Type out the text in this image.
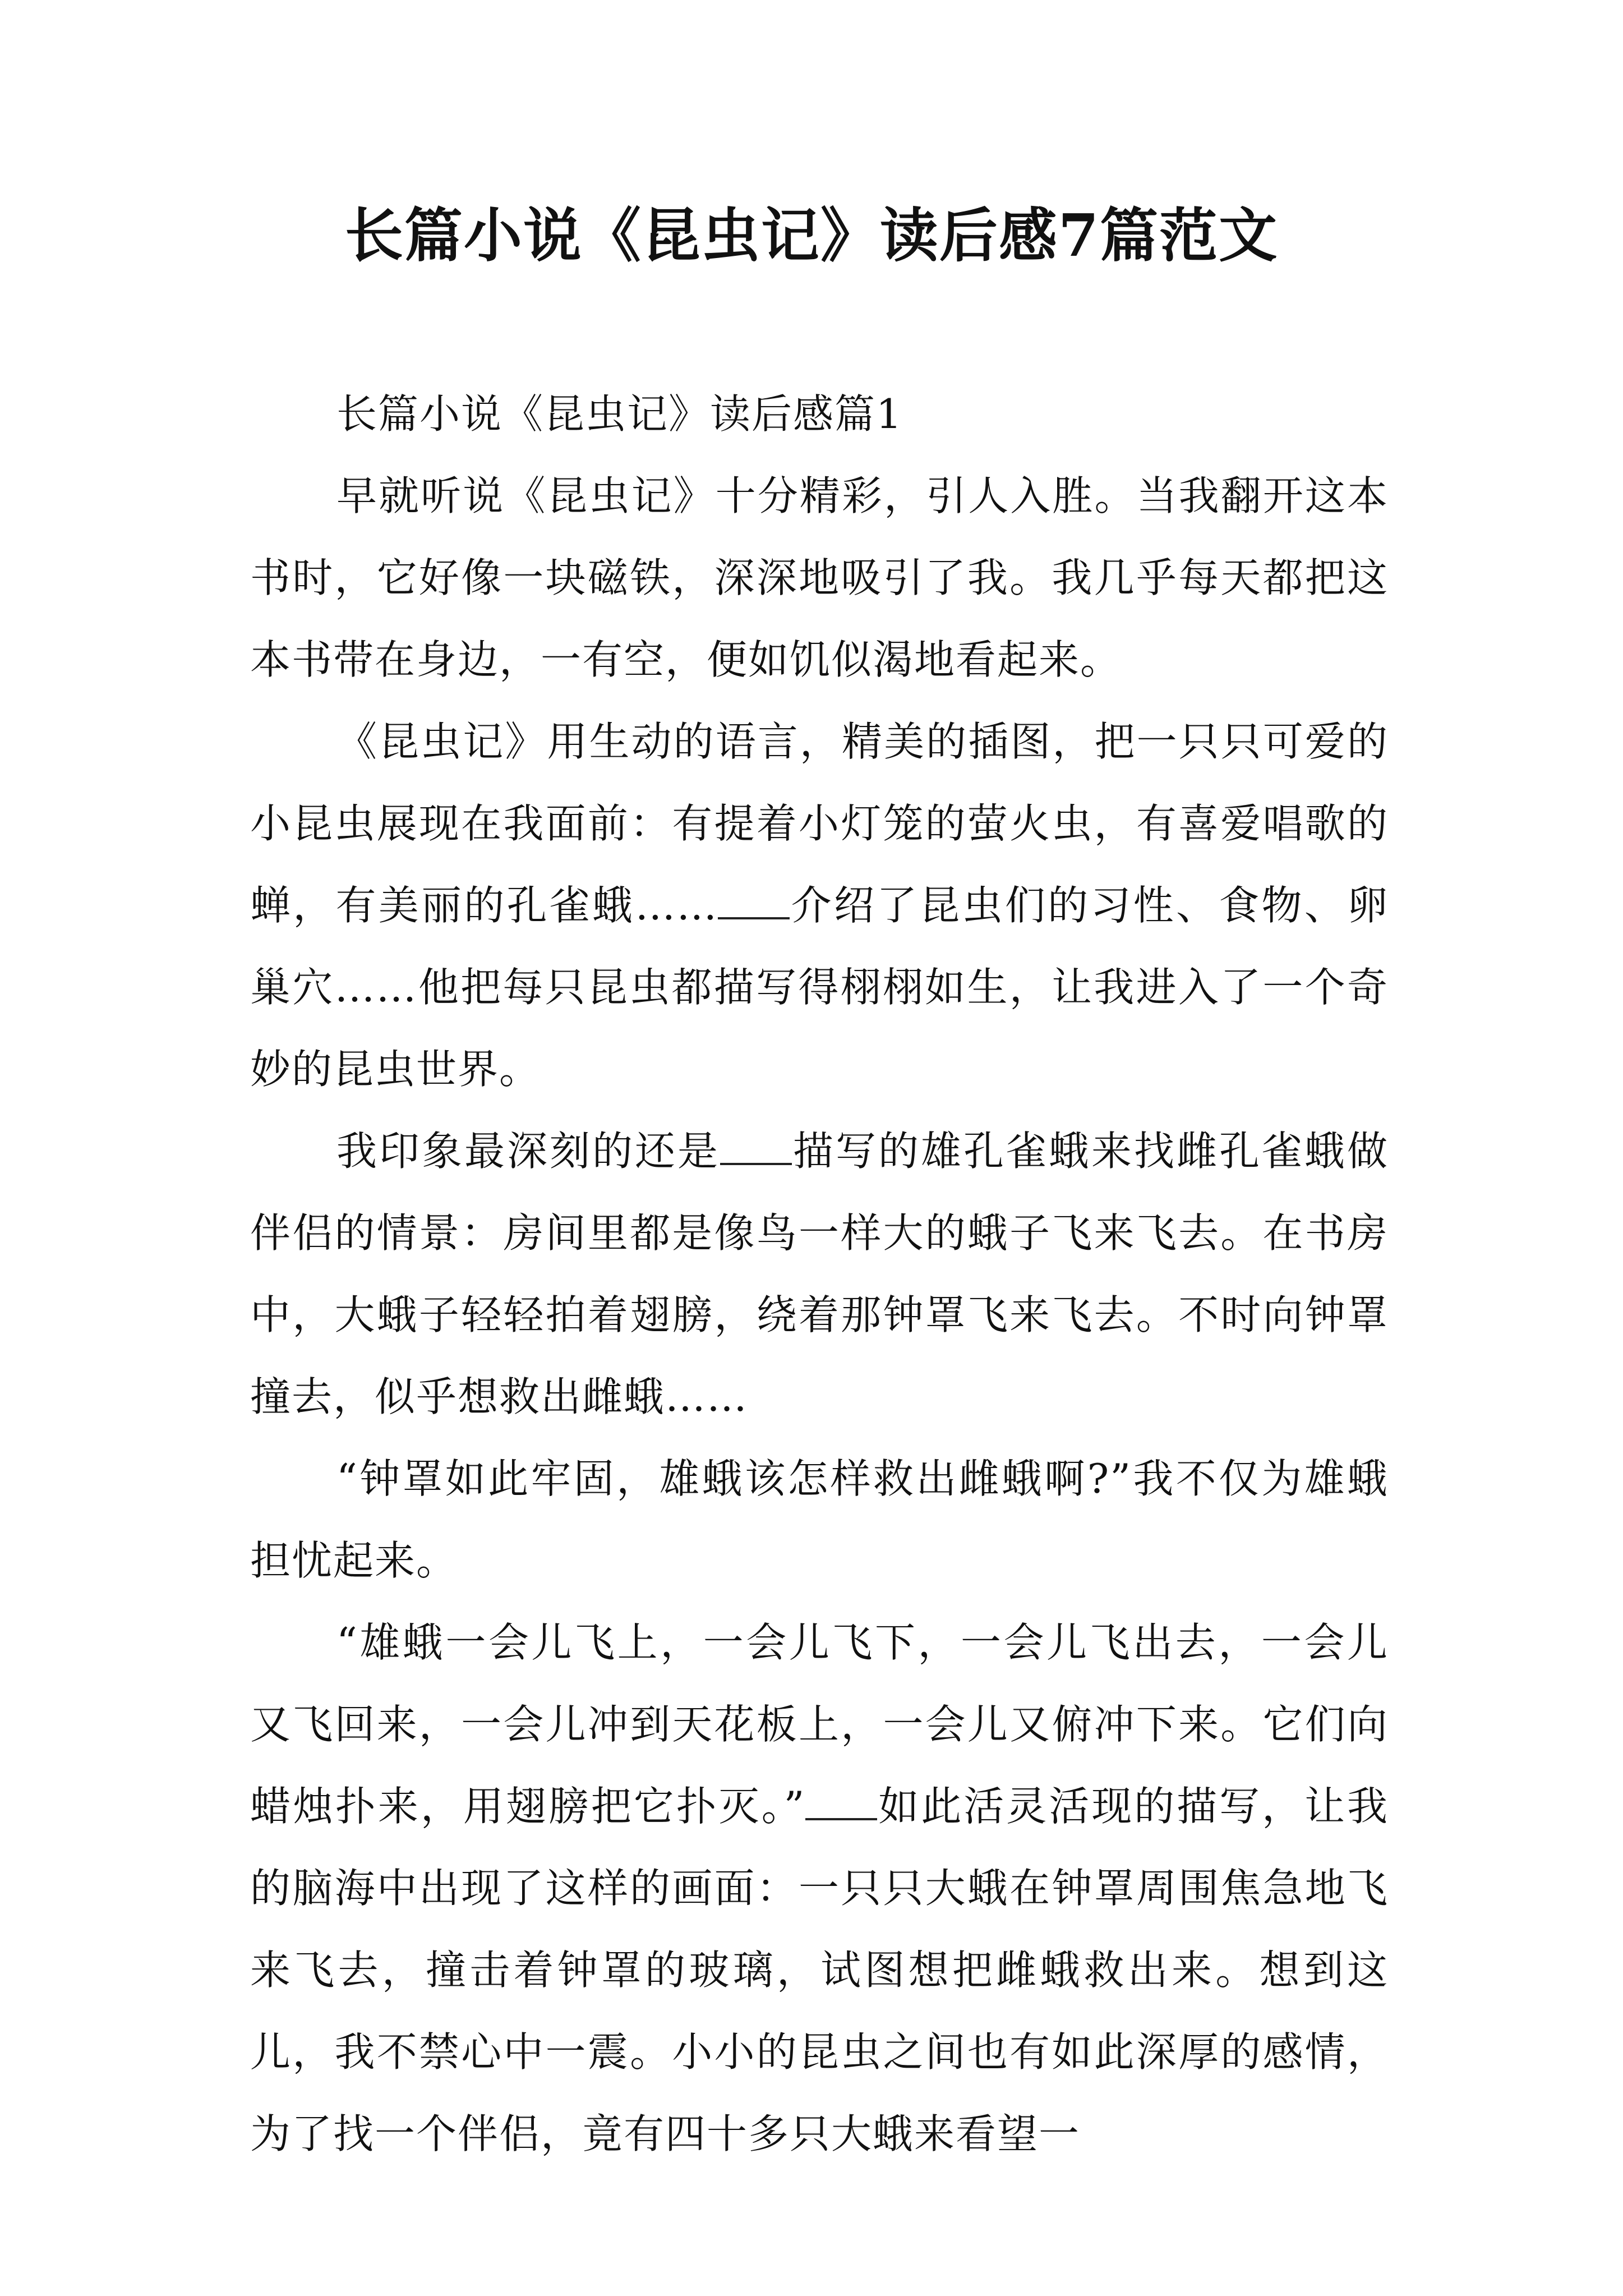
长篇小说《昆虫记》读后感7篇范文

长篇小说《昆虫记》读后感篇1

早就听说《昆虫记》十分精彩，引人入胜。当我翻开这本书时，它好像一块磁铁，深深地吸引了我。我几乎每天都把这本书带在身边，一有空，便如饥似渴地看起来。

《昆虫记》用生动的语言，精美的插图，把一只只可爱的小昆虫展现在我面前：有提着小灯笼的萤火虫，有喜爱唱歌的蝉，有美丽的孔雀蛾…… 介绍了昆虫们的习性、食物、卵巢穴……他把每只昆虫都描写得栩栩如生，让我进入了一个奇妙的昆虫世界。

我印象最深刻的还是 描写的雄孔雀蛾来找雌孔雀蛾做伴侣的情景：房间里都是像鸟一样大的蛾子飞来飞去。在书房中，大蛾子轻轻拍着翅膀，绕着那钟罩飞来飞去。不时向钟罩撞去，似乎想救出雌蛾……

“钟罩如此牢固，雄蛾该怎样救出雌蛾啊?”我不仅为雄蛾担忧起来。

“雄蛾一会儿飞上，一会儿飞下，一会儿飞出去，一会儿又飞回来，一会儿冲到天花板上，一会儿又俯冲下来。它们向蜡烛扑来，用翅膀把它扑灭。” 如此活灵活现的描写，让我的脑海中出现了这样的画面：一只只大蛾在钟罩周围焦急地飞来飞去，撞击着钟罩的玻璃，试图想把雌蛾救出来。想到这儿，我不禁心中一震。小小的昆虫之间也有如此深厚的感情，为了找一个伴侣，竟有四十多只大蛾来看望一
